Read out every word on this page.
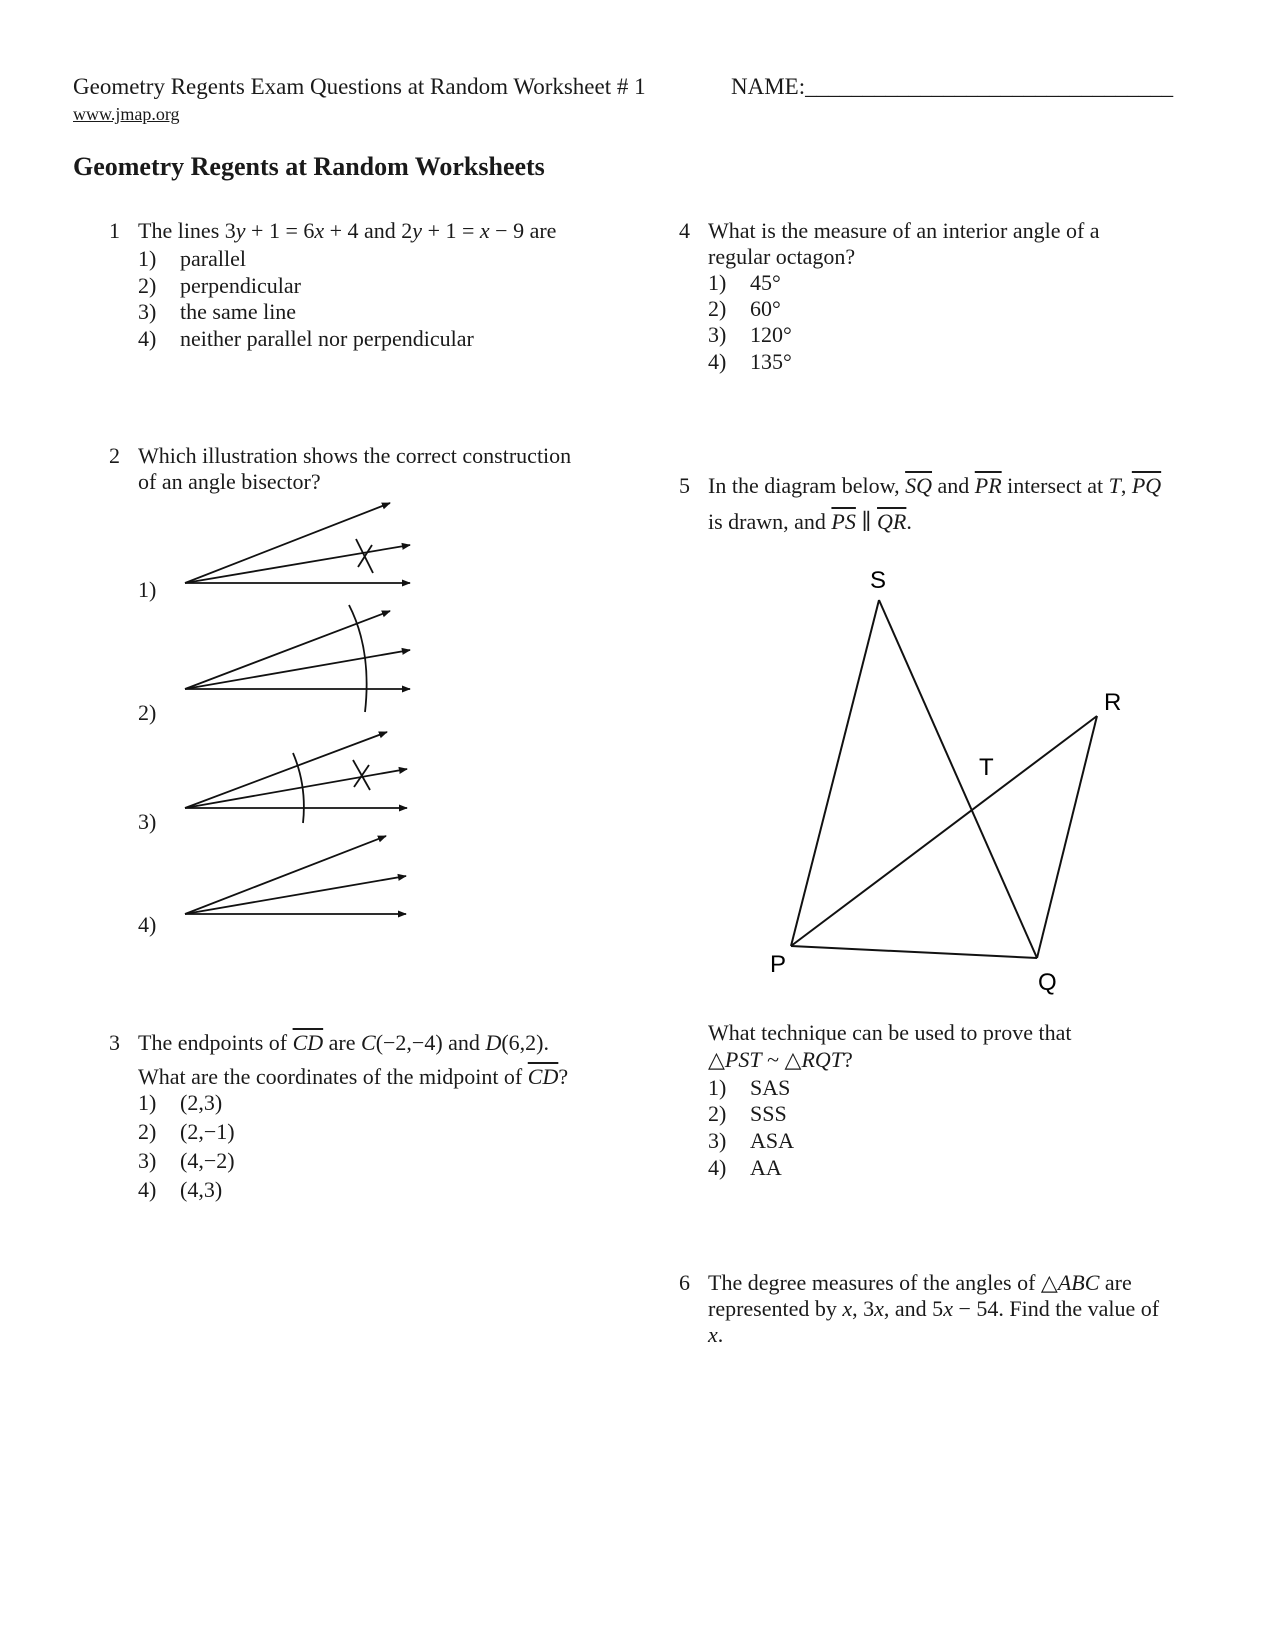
Geometry Regents Exam Questions at Random Worksheet # 1	NAME:________________________________
www.jmap.org
Geometry Regents at Random Worksheets
1 The lines 3y + 1 = 6x + 4 and 2y + 1 = x − 9 are
1) parallel
2) perpendicular
3) the same line
4) neither parallel nor perpendicular
2 Which illustration shows the correct construction
of an angle bisector?
1)
2)
3)
4)
3 The endpoints of $\overline{CD}$ are C(−2,−4) and D(6,2).
What are the coordinates of the midpoint of $\overline{CD}$?
1) (2,3)
2) (2,−1)
3) (4,−2)
4) (4,3)
4 What is the measure of an interior angle of a
regular octagon?
1) 45°
2) 60°
3) 120°
4) 135°
5 In the diagram below, $\overline{SQ}$ and $\overline{PR}$ intersect at T, $\overline{PQ}$
is drawn, and $\overline{PS}$ ∥ $\overline{QR}$.
S
R
T
P
Q
What technique can be used to prove that
△PST ~ △RQT?
1) SAS
2) SSS
3) ASA
4) AA
6 The degree measures of the angles of △ABC are
represented by x, 3x, and 5x − 54. Find the value of
x.
